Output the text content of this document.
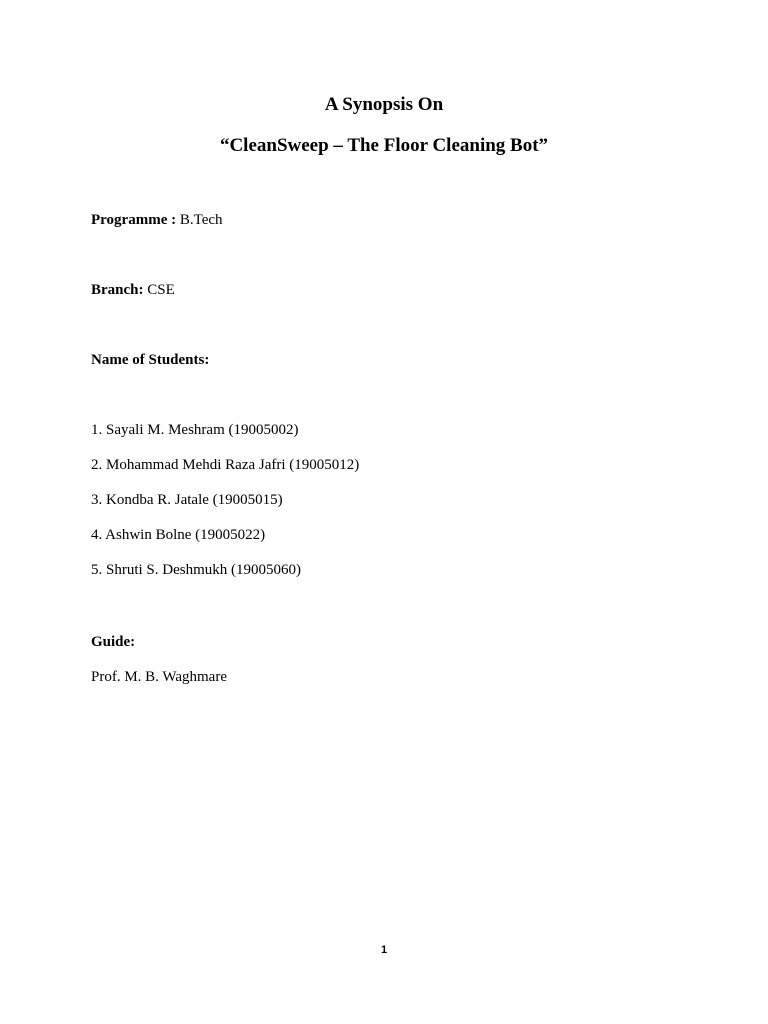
A Synopsis On
“CleanSweep – The Floor Cleaning Bot”
Programme : B.Tech
Branch: CSE
Name of Students:
1. Sayali M. Meshram (19005002)
2. Mohammad Mehdi Raza Jafri (19005012)
3. Kondba R. Jatale (19005015)
4. Ashwin Bolne (19005022)
5. Shruti S. Deshmukh (19005060)
Guide:
Prof. M. B. Waghmare
1
